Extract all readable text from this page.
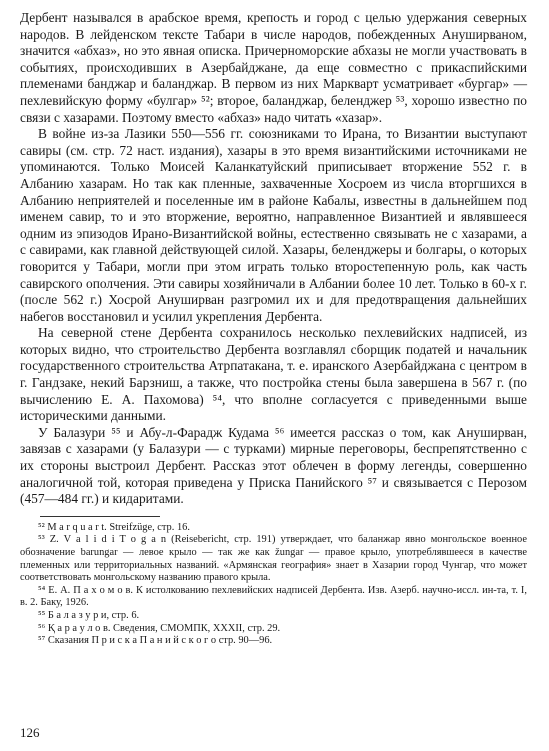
Дербент назывался в арабское время, крепость и город с целью удержания северных народов. В лейденском тексте Табари в числе народов, побежденных Ануширваном, значится «абхаз», но это явная описка. Причерноморские абхазы не могли участвовать в событиях, происходивших в Азербайджане, да еще совместно с прикаспийскими племенами банджар и баланджар. В первом из них Маркварт усматривает «бургар» — пехлевийскую форму «булгар» ⁵²; второе, баланджар, беленджер ⁵³, хорошо известно по связи с хазарами. Поэтому вместо «абхаз» надо читать «хазар».

В войне из-за Лазики 550—556 гг. союзниками то Ирана, то Византии выступают савиры (см. стр. 72 наст. издания), хазары в это время византийскими источниками не упоминаются. Только Моисей Каланкатуйский приписывает вторжение 552 г. в Албанию хазарам. Но так как пленные, захваченные Хосроем из числа вторгшихся в Албанию неприятелей и поселенные им в районе Кабалы, известны в дальнейшем под именем савир, то и это вторжение, вероятно, направленное Византией и являвшееся одним из эпизодов Ирано-Византийской войны, естественно связывать не с хазарами, а с савирами, как главной действующей силой. Хазары, беленджеры и болгары, о которых говорится у Табари, могли при этом играть только второстепенную роль, как часть савирского ополчения. Эти савиры хозяйничали в Албании более 10 лет. Только в 60-х г. (после 562 г.) Хосрой Ануширван разгромил их и для предотвращения дальнейших набегов восстановил и усилил укрепления Дербента.

На северной стене Дербента сохранилось несколько пехлевийских надписей, из которых видно, что строительство Дербента возглавлял сборщик податей и начальник государственного строительства Атрпатакана, т. е. иранского Азербайджана с центром в г. Гандзаке, некий Барзниш, а также, что постройка стены была завершена в 567 г. (по вычислению Е. А. Пахомова) ⁵⁴, что вполне согласуется с приведенными выше историческими данными.

У Балазури ⁵⁵ и Абу-л-Фарадж Кудама ⁵⁶ имеется рассказ о том, как Ануширван, завязав с хазарами (у Балазури — с турками) мирные переговоры, беспрепятственно с их стороны выстроил Дербент. Рассказ этот облечен в форму легенды, совершенно аналогичной той, которая приведена у Приска Панийского ⁵⁷ и связывается с Перозом (457—484 гг.) и кидаритами.

⁵² M a r q u a r t. Streifzüge, стр. 16.

⁵³ Z. V a l i d i T o g a n (Reisebericht, стр. 191) утверждает, что баланжар явно монгольское военное обозначение barungar — левое крыло — так же как žungar — правое крыло, употреблявшееся в качестве племенных или территориальных названий. «Армянская география» знает в Хазарии город Чунгар, что может соответствовать монгольскому названию правого крыла.

⁵⁴ Е. А. П а х о м о в. К истолкованию пехлевийских надписей Дербента. Изв. Азерб. научно-иссл. ин-та, т. I, в. 2. Баку, 1926.

⁵⁵ Б а л а з у р и, стр. 6.

⁵⁶ Қ а р а у л о в. Сведения, СМОМПК, XXXII, стр. 29.

⁵⁷ Сказания П р и с к а П а н и й с к о г о стр. 90—96.

126
